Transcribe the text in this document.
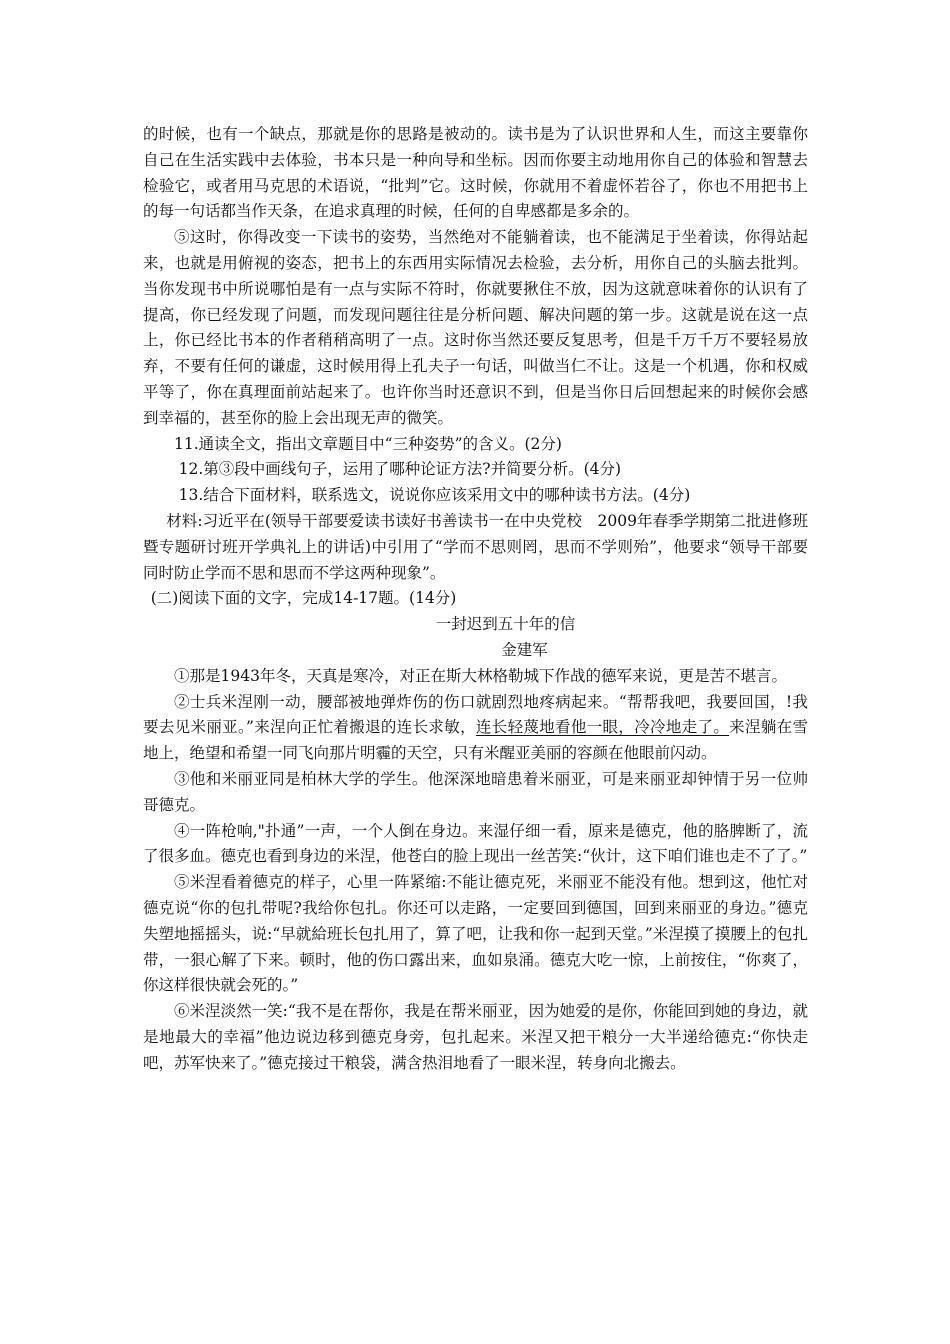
的时候，也有一个缺点，那就是你的思路是被动的。读书是为了认识世界和人生，而这主要靠你自己在生活实践中去体验，书本只是一种向导和坐标。因而你要主动地用你自己的体验和智慧去检验它，或者用马克思的术语说，“批判”它。这时候，你就用不着虚怀若谷了，你也不用把书上的每一句话都当作天条，在追求真理的时候，任何的自卑感都是多余的。

⑤这时，你得改变一下读书的姿势，当然绝对不能躺着读，也不能满足于坐着读，你得站起来，也就是用俯视的姿态，把书上的东西用实际情况去检验，去分析，用你自己的头脑去批判。当你发现书中所说哪怕是有一点与实际不符时，你就要揪住不放，因为这就意味着你的认识有了提高，你已经发现了问题，而发现问题往往是分析问题、解决问题的第一步。这就是说在这一点上，你已经比书本的作者稍稍高明了一点。这时你当然还要反复思考，但是千万千万不要轻易放弃，不要有任何的谦虚，这时候用得上孔夫子一句话，叫做当仁不让。这是一个机遇，你和权威平等了，你在真理面前站起来了。也许你当时还意识不到，但是当你日后回想起来的时候你会感到幸福的，甚至你的脸上会出现无声的微笑。

11.通读全文，指出文章题目中“三种姿势”的含义。(2分)

12.第③段中画线句子，运用了哪种论证方法?并简要分析。(4分)

13.结合下面材料，联系选文，说说你应该采用文中的哪种读书方法。(4分)

材料:习近平在(领导干部要爱读书读好书善读书一在中央党校　2009年春季学期第二批进修班暨专题研讨班开学典礼上的讲话)中引用了“学而不思则罔，思而不学则殆”，他要求“领导干部要同时防止学而不思和思而不学这两种现象”。

(二)阅读下面的文字，完成14-17题。(14分)

一封迟到五十年的信

金建军

①那是1943年冬，天真是寒冷，对正在斯大林格勒城下作战的德军来说，更是苦不堪言。

②士兵米涅刚一动，腰部被地弹炸伤的伤口就剧烈地疼病起来。“帮帮我吧，我要回国，!我要去见米丽亚。”来涅向正忙着搬退的连长求敏，连长轻蔑地看他一眼，冷冷地走了。来涅躺在雪地上，绝望和希望一同飞向那片明霾的天空，只有米醒亚美丽的容颜在他眼前闪动。

③他和米丽亚同是柏林大学的学生。他深深地暗患着米丽亚，可是来丽亚却钟情于另一位帅哥德克。

④一阵枪响,"扑通”一声，一个人倒在身边。来湿仔细一看，原来是德克，他的胳脾断了，流了很多血。德克也看到身边的米涅，他苍白的脸上现出一丝苦笑:“伙计，这下咱们谁也走不了了。”

⑤米涅看着德克的样子，心里一阵紧缩:不能让德克死，米丽亚不能没有他。想到这，他忙对德克说“你的包扎带呢?我给你包扎。你还可以走路，一定要回到德国，回到来丽亚的身边。”德克失塑地摇摇头，说:“早就給班长包扎用了，算了吧，让我和你一起到天堂。”米涅摸了摸腰上的包扎带，一狠心解了下来。顿时，他的伤口露出来，血如泉涌。德克大吃一惊，上前按住，“你爽了，你这样很快就会死的。”

⑥米涅淡然一笑:“我不是在帮你，我是在帮米丽亚，因为她爱的是你，你能回到她的身边，就是地最大的幸福”他边说边移到德克身旁，包扎起来。米涅又把干粮分一大半递给德克:“你快走吧，苏军快来了。”德克接过干粮袋，满含热泪地看了一眼米涅，转身向北搬去。
